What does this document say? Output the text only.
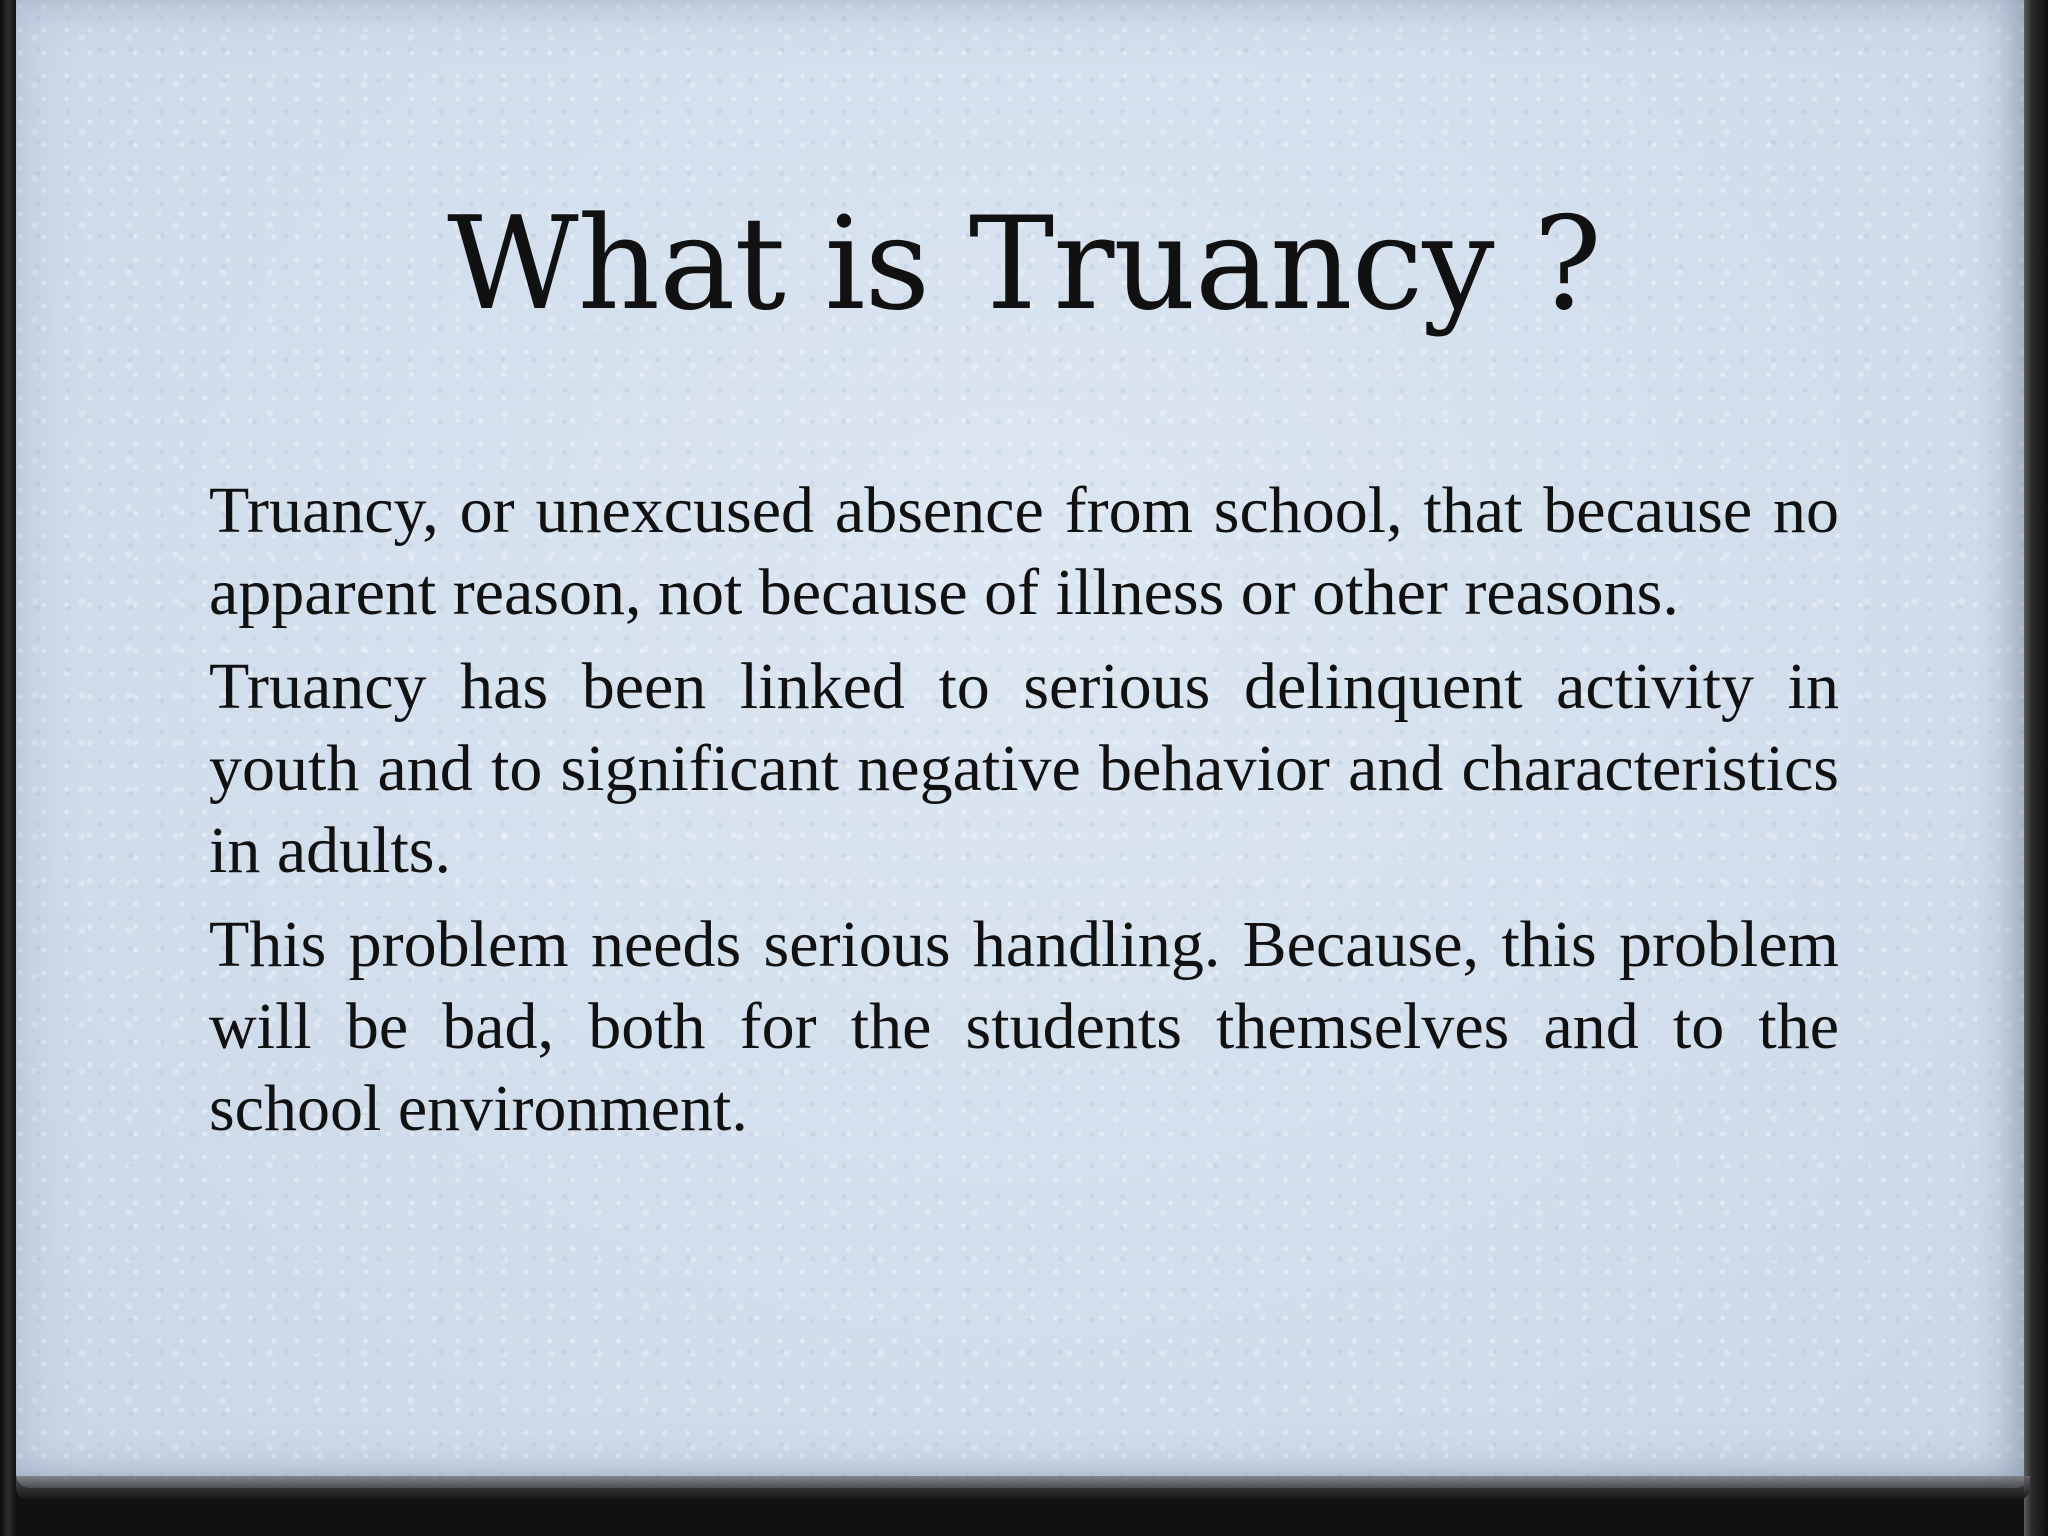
What is Truancy ?

Truancy, or unexcused absence from school, that because no apparent reason, not because of illness or other reasons.

Truancy has been linked to serious delinquent activity in youth and to significant negative behavior and characteristics in adults.

This problem needs serious handling. Because, this problem will be bad, both for the students themselves and to the school environment.
